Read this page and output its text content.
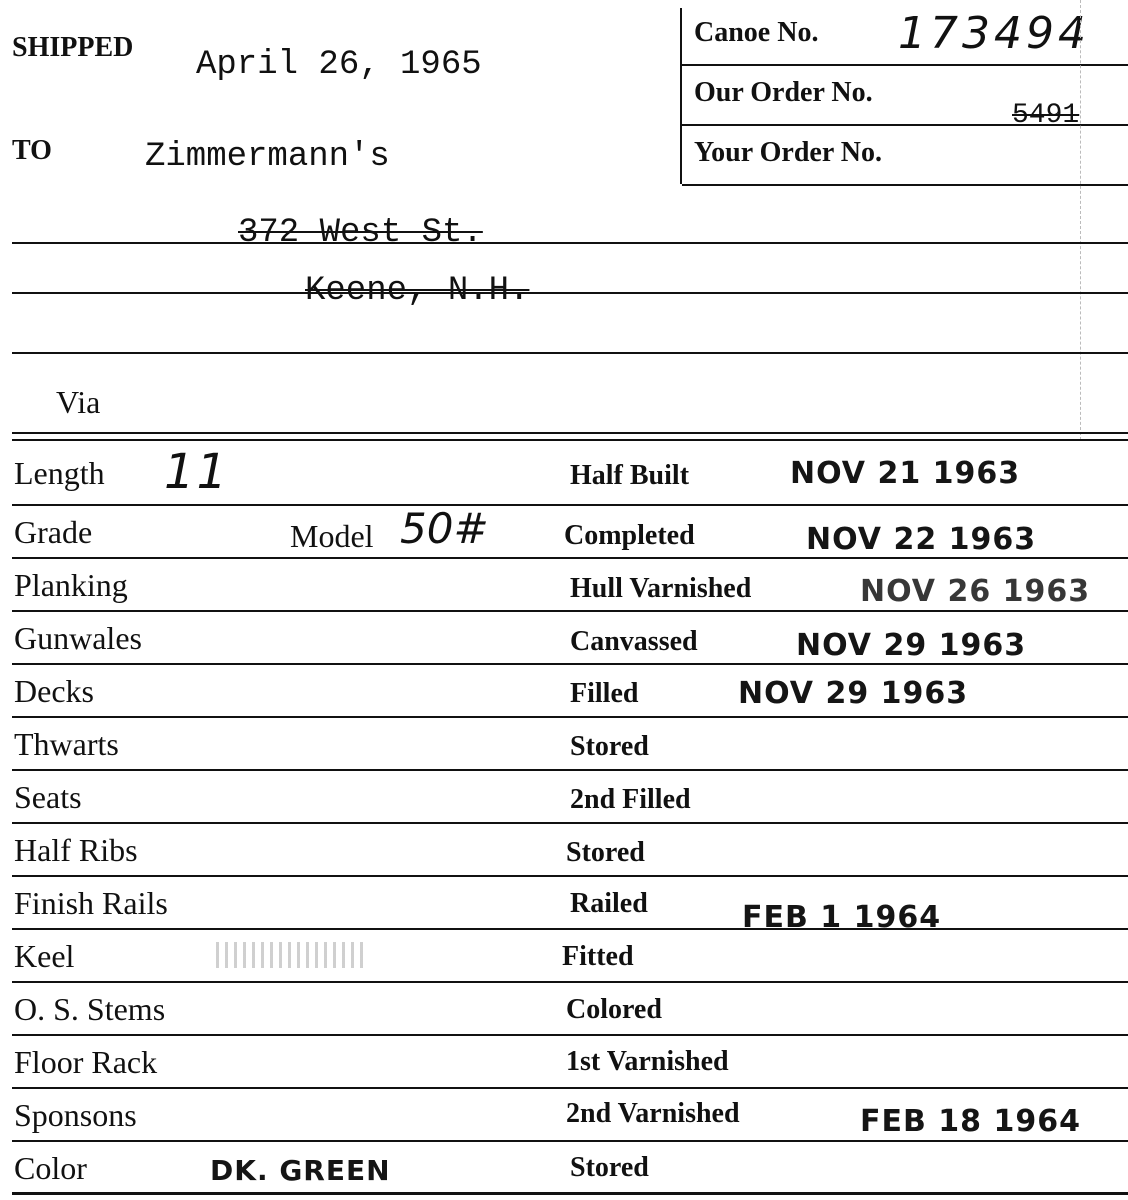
SHIPPED April 26, 1965
TO	Zimmermann's
Canoe No. 173494
Our Order No.
5491
Your Order No.
372 West St.
Keene, N.H.
Via
Length
Grade
Planking
Gunwales
Decks
Thwarts
Seats
Half Ribs
Finish Rails
Keel
O. S. Stems
Floor Rack
Sponsons
Color
11
Model 50#
DK. GREEN
Half Built
Completed
Hull Varnished
Canvassed
Filled
Stored
2nd Filled
Stored
Railed
Fitted
Colored
1st Varnished
2nd Varnished
Stored
NOV 21 1963
NOV 22 1963
NOV 26 1963
NOV 29 1963
NOV 29 1963
FEB 1 1964
FEB 18 1964
